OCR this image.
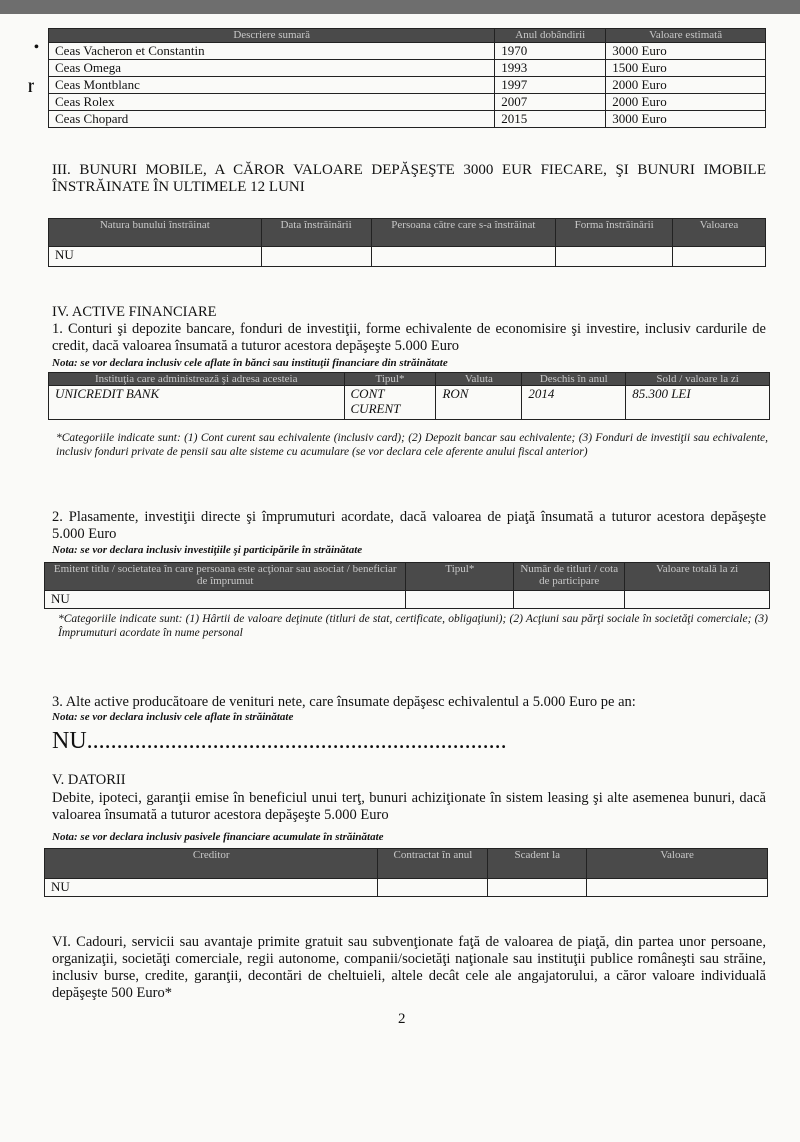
•
ɼ
Descriere sumară	Anul dobândirii	Valoare estimată
Ceas Vacheron et Constantin	1970	3000 Euro
Ceas Omega	1993	1500 Euro
Ceas Montblanc	1997	2000 Euro
Ceas Rolex	2007	2000 Euro
Ceas Chopard	2015	3000 Euro
III. BUNURI MOBILE, A CĂROR VALOARE DEPĂŞEŞTE 3000 EUR FIECARE, ŞI BUNURI IMOBILE ÎNSTRĂINATE ÎN ULTIMELE 12 LUNI
Natura bunului înstrăinat	Data înstrăinării	Persoana către care s-a înstrăinat	Forma înstrăinării	Valoarea
NU				
IV. ACTIVE FINANCIARE
1. Conturi şi depozite bancare, fonduri de investiţii, forme echivalente de economisire şi investire, inclusiv cardurile de credit, dacă valoarea însumată a tuturor acestora depăşeşte 5.000 Euro
Nota: se vor declara inclusiv cele aflate în bănci sau instituţii financiare din străinătate
Instituţia care administrează şi adresa acesteia	Tipul*	Valuta	Deschis în anul	Sold / valoare la zi
UNICREDIT BANK	CONT CURENT	RON	2014	85.300 LEI
*Categoriile indicate sunt: (1) Cont curent sau echivalente (inclusiv card); (2) Depozit bancar sau echivalente; (3) Fonduri de investiţii sau echivalente, inclusiv fonduri private de pensii sau alte sisteme cu acumulare (se vor declara cele aferente anului fiscal anterior)
2. Plasamente, investiţii directe şi împrumuturi acordate, dacă valoarea de piaţă însumată a tuturor acestora depăşeşte 5.000 Euro
Nota: se vor declara inclusiv investiţiile şi participările în străinătate
Emitent titlu / societatea în care persoana este acţionar sau asociat / beneficiar de împrumut	Tipul*	Număr de titluri / cota de participare	Valoare totală la zi
NU			
*Categoriile indicate sunt: (1) Hârtii de valoare deţinute (titluri de stat, certificate, obligaţiuni); (2) Acţiuni sau părţi sociale în societăţi comerciale; (3) Împrumuturi acordate în nume personal
3. Alte active producătoare de venituri nete, care însumate depăşesc echivalentul a 5.000 Euro pe an:
Nota: se vor declara inclusiv cele aflate în străinătate
NU......................................................................
V. DATORII
Debite, ipoteci, garanţii emise în beneficiul unui terţ, bunuri achiziţionate în sistem leasing şi alte asemenea bunuri, dacă valoarea însumată a tuturor acestora depăşeşte 5.000 Euro
Nota: se vor declara inclusiv pasivele financiare acumulate în străinătate
Creditor	Contractat în anul	Scadent la	Valoare
NU			
VI. Cadouri, servicii sau avantaje primite gratuit sau subvenţionate faţă de valoarea de piaţă, din partea unor persoane, organizaţii, societăţi comerciale, regii autonome, companii/societăţi naţionale sau instituţii publice româneşti sau străine, inclusiv burse, credite, garanţii, decontări de cheltuieli, altele decât cele ale angajatorului, a căror valoare individuală depăşeşte 500 Euro*
2
